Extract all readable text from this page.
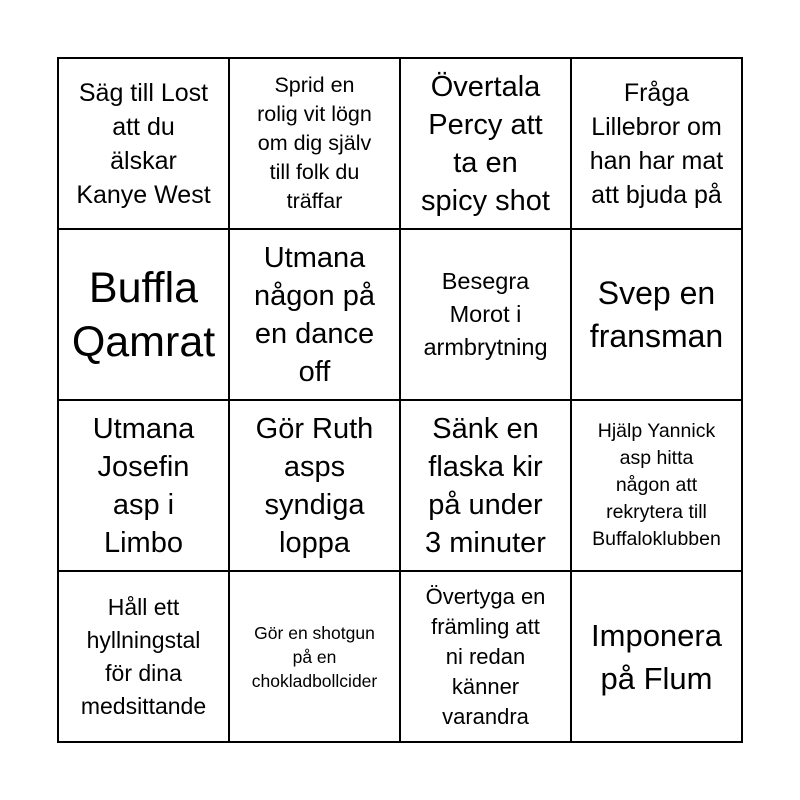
Säg till Lost
att du
älskar
Kanye West
Sprid en
rolig vit lögn
om dig själv
till folk du
träffar
Övertala
Percy att
ta en
spicy shot
Fråga
Lillebror om
han har mat
att bjuda på
Buffla
Qamrat
Utmana
någon på
en dance
off
Besegra
Morot i
armbrytning
Svep en
fransman
Utmana
Josefin
asp i
Limbo
Gör Ruth
asps
syndiga
loppa
Sänk en
flaska kir
på under
3 minuter
Hjälp Yannick
asp hitta
någon att
rekrytera till
Buffaloklubben
Håll ett
hyllningstal
för dina
medsittande
Gör en shotgun
på en
chokladbollcider
Övertyga en
främling att
ni redan
känner
varandra
Imponera
på Flum
